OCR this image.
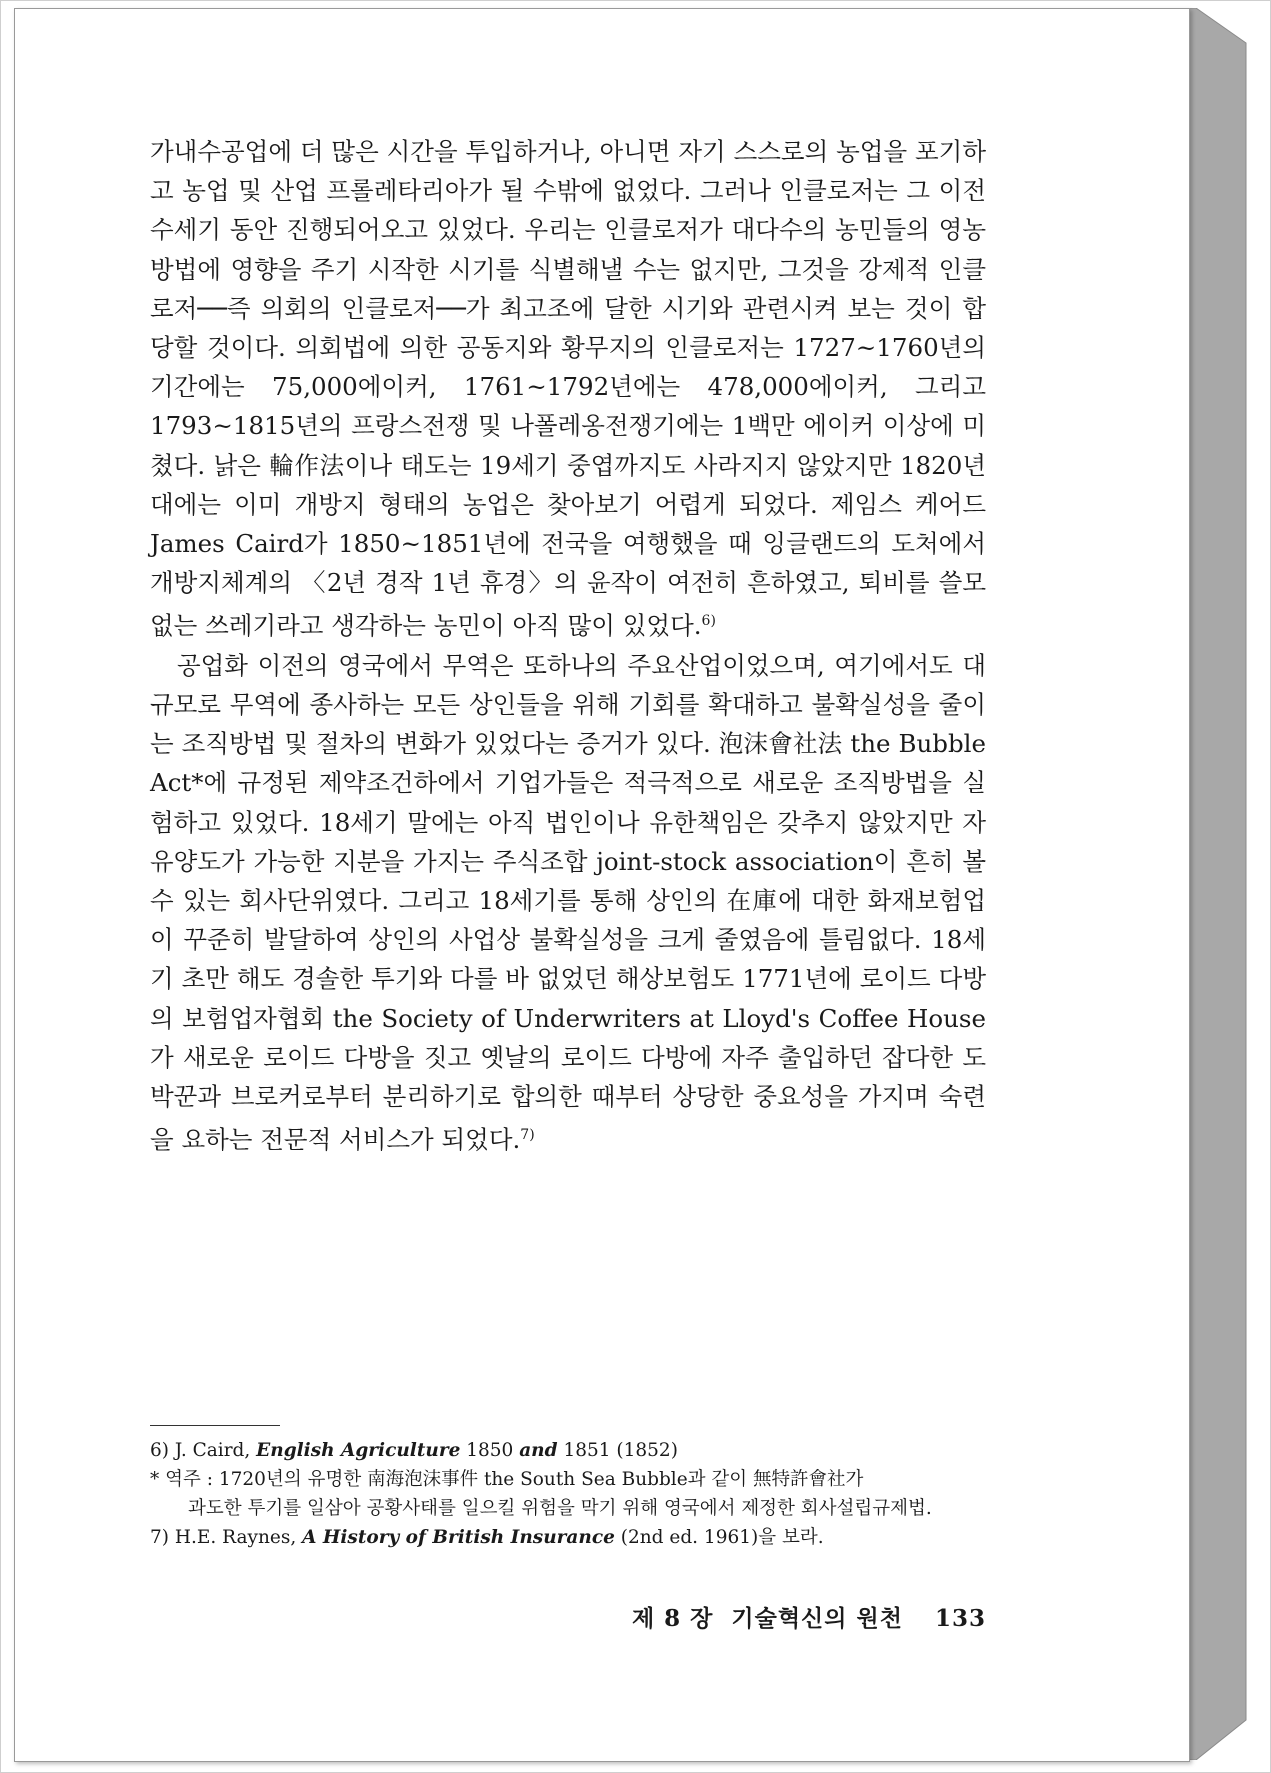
가내수공업에 더 많은 시간을 투입하거나, 아니면 자기 스스로의 농업을 포기하고 농업 및 산업 프롤레타리아가 될 수밖에 없었다. 그러나 인클로저는 그 이전 수세기 동안 진행되어오고 있었다. 우리는 인클로저가 대다수의 농민들의 영농방법에 영향을 주기 시작한 시기를 식별해낼 수는 없지만, 그것을 강제적 인클로저──즉 의회의 인클로저──가 최고조에 달한 시기와 관련시켜 보는 것이 합당할 것이다. 의회법에 의한 공동지와 황무지의 인클로저는 1727~1760년의 기간에는 75,000에이커, 1761~1792년에는 478,000에이커, 그리고 1793~1815년의 프랑스전쟁 및 나폴레옹전쟁기에는 1백만 에이커 이상에 미쳤다. 낡은 輪作法이나 태도는 19세기 중엽까지도 사라지지 않았지만 1820년대에는 이미 개방지 형태의 농업은 찾아보기 어렵게 되었다. 제임스 케어드 James Caird가 1850~1851년에 전국을 여행했을 때 잉글랜드의 도처에서 개방지체계의 〈2년 경작 1년 휴경〉의 윤작이 여전히 흔하였고, 퇴비를 쓸모없는 쓰레기라고 생각하는 농민이 아직 많이 있었다.$^{6)}$

공업화 이전의 영국에서 무역은 또하나의 주요산업이었으며, 여기에서도 대규모로 무역에 종사하는 모든 상인들을 위해 기회를 확대하고 불확실성을 줄이는 조직방법 및 절차의 변화가 있었다는 증거가 있다. 泡沫會社法 the Bubble Act*에 규정된 제약조건하에서 기업가들은 적극적으로 새로운 조직방법을 실험하고 있었다. 18세기 말에는 아직 법인이나 유한책임은 갖추지 않았지만 자유양도가 가능한 지분을 가지는 주식조합 joint-stock association이 흔히 볼 수 있는 회사단위였다. 그리고 18세기를 통해 상인의 在庫에 대한 화재보험업이 꾸준히 발달하여 상인의 사업상 불확실성을 크게 줄였음에 틀림없다. 18세기 초만 해도 경솔한 투기와 다를 바 없었던 해상보험도 1771년에 로이드 다방의 보험업자협회 the Society of Underwriters at Lloyd's Coffee House가 새로운 로이드 다방을 짓고 옛날의 로이드 다방에 자주 출입하던 잡다한 도박꾼과 브로커로부터 분리하기로 합의한 때부터 상당한 중요성을 가지며 숙련을 요하는 전문적 서비스가 되었다.$^{7)}$

6) J. Caird, English Agriculture 1850 and 1851 (1852)

* 역주 : 1720년의 유명한 南海泡沫事件 the South Sea Bubble과 같이 無特許會社가

과도한 투기를 일삼아 공황사태를 일으킬 위험을 막기 위해 영국에서 제정한 회사설립규제법.

7) H.E. Raynes, A History of British Insurance (2nd ed. 1961)을 보라.

제 8 장  기술혁신의 원천 133
